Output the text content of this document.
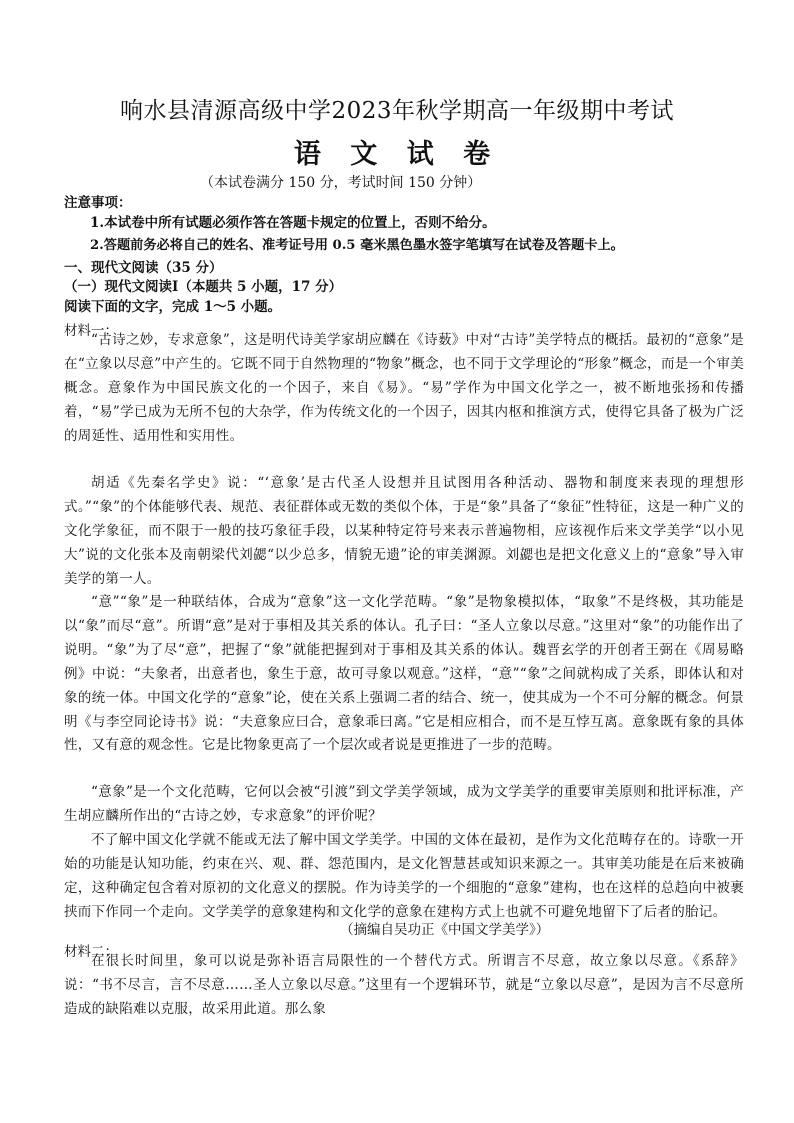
响水县清源高级中学2023年秋学期高一年级期中考试
语 文 试 卷
（本试卷满分 150 分，考试时间 150 分钟）
注意事项：
1.本试卷中所有试题必须作答在答题卡规定的位置上，否则不给分。
2.答题前务必将自己的姓名、准考证号用 0.5 毫米黑色墨水签字笔填写在试卷及答题卡上。
一、现代文阅读（35 分）
（一）现代文阅读Ⅰ（本题共 5 小题，17 分）
阅读下面的文字，完成 1～5 小题。
材料一：

“古诗之妙，专求意象”，这是明代诗美学家胡应麟在《诗薮》中对“古诗”美学特点的概括。最初的“意象”是在“立象以尽意”中产生的。它既不同于自然物理的“物象”概念，也不同于文学理论的“形象”概念，而是一个审美概念。意象作为中国民族文化的一个因子，来自《易》。“易”学作为中国文化学之一，被不断地张扬和传播着，“易”学已成为无所不包的大杂学，作为传统文化的一个因子，因其内枢和推演方式，使得它具备了极为广泛的周延性、适用性和实用性。

胡适《先秦名学史》说：“‘意象’是古代圣人设想并且试图用各种活动、器物和制度来表现的理想形式。”“象”的个体能够代表、规范、表征群体或无数的类似个体，于是“象”具备了“象征”性特征，这是一种广义的文化学象征，而不限于一般的技巧象征手段，以某种特定符号来表示普遍物相，应该视作后来文学美学“以小见大”说的文化张本及南朝梁代刘勰“以少总多，情貌无遗”论的审美渊源。刘勰也是把文化意义上的“意象”导入审美学的第一人。

“意”“象”是一种联结体，合成为“意象”这一文化学范畴。“象”是物象模拟体，“取象”不是终极，其功能是以“象”而尽“意”。所谓“意”是对于事相及其关系的体认。孔子曰：“圣人立象以尽意。”这里对“象”的功能作出了说明。“象”为了尽“意”，把握了“象”就能把握到对于事相及其关系的体认。魏晋玄学的开创者王弼在《周易略例》中说：“夫象者，出意者也，象生于意，故可寻象以观意。”这样，“意”“象”之间就构成了关系，即体认和对象的统一体。中国文化学的“意象”论，使在关系上强调二者的结合、统一，使其成为一个不可分解的概念。何景明《与李空同论诗书》说：“夫意象应曰合，意象乖曰离。”它是相应相合，而不是互悖互离。意象既有象的具体性，又有意的观念性。它是比物象更高了一个层次或者说是更推进了一步的范畴。

“意象”是一个文化范畴，它何以会被“引渡”到文学美学领域，成为文学美学的重要审美原则和批评标准，产生胡应麟所作出的“古诗之妙，专求意象”的评价呢？

不了解中国文化学就不能或无法了解中国文学美学。中国的文体在最初，是作为文化范畴存在的。诗歌一开始的功能是认知功能，约束在兴、观、群、怨范围内，是文化智慧甚或知识来源之一。其审美功能是在后来被确定，这种确定包含着对原初的文化意义的摆脱。作为诗美学的一个细胞的“意象”建构，也在这样的总趋向中被裹挟而下作同一个走向。文学美学的意象建构和文化学的意象在建构方式上也就不可避免地留下了后者的胎记。

（摘编自吴功正《中国文学美学》）
材料二：

在很长时间里，象可以说是弥补语言局限性的一个替代方式。所谓言不尽意，故立象以尽意。《系辞》说：“书不尽言，言不尽意……圣人立象以尽意。”这里有一个逻辑环节，就是“立象以尽意”，是因为言不尽意所造成的缺陷难以克服，故采用此道。那么象
